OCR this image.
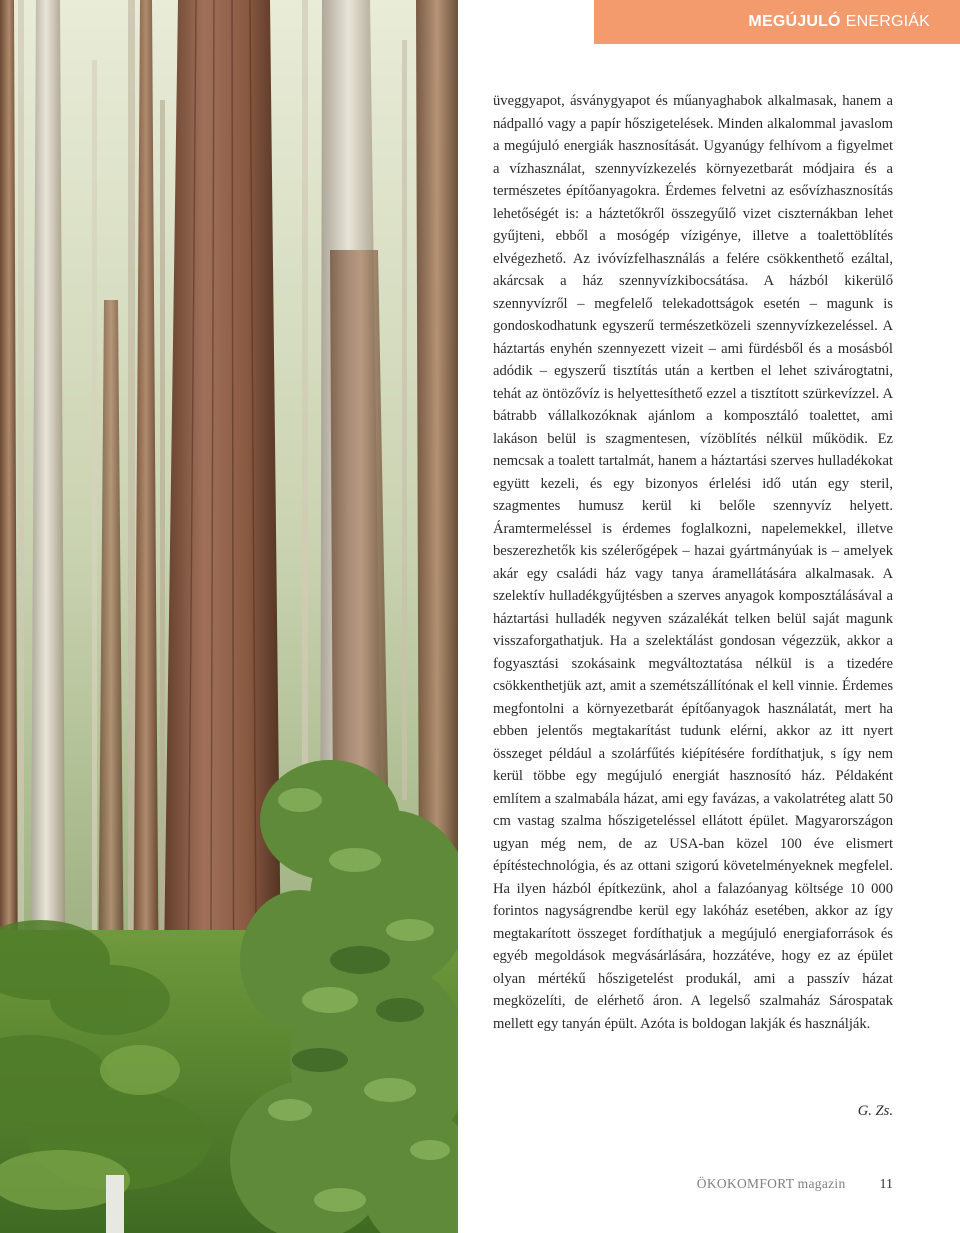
MEGÚJULÓ ENERGIÁK

üveggyapot, ásványgyapot és műanyaghabok alkalmasak, hanem a nádpalló vagy a papír hőszigetelések. Minden alkalommal javaslom a megújuló energiák hasznosítását. Ugyanúgy felhívom a figyelmet a vízhasználat, szennyvízkezelés környezetbarát módjaira és a természetes építőanyagokra. Érdemes felvetni az esővízhasznosítás lehetőségét is: a háztetőkről összegyűlő vizet ciszternákban lehet gyűjteni, ebből a mosógép vízigénye, illetve a toalettöblítés elvégezhető. Az ivóvízfelhasználás a felére csökkenthető ezáltal, akárcsak a ház szennyvízkibocsátása. A házból kikerülő szennyvízről – megfelelő telekadottságok esetén – magunk is gondoskodhatunk egyszerű természetközeli szennyvízkezeléssel. A háztartás enyhén szennyezett vizeit – ami fürdésből és a mosásból adódik – egyszerű tisztítás után a kertben el lehet szivárogtatni, tehát az öntözővíz is helyettesíthető ezzel a tisztított szürkevízzel. A bátrabb vállalkozóknak ajánlom a komposztáló toalettet, ami lakáson belül is szagmentesen, vízöblítés nélkül működik. Ez nemcsak a toalett tartalmát, hanem a háztartási szerves hulladékokat együtt kezeli, és egy bizonyos érlelési idő után egy steril, szagmentes humusz kerül ki belőle szennyvíz helyett. Áramtermeléssel is érdemes foglalkozni, napelemekkel, illetve beszerezhetők kis szélerőgépek – hazai gyártmányúak is – amelyek akár egy családi ház vagy tanya áramellátására alkalmasak. A szelektív hulladékgyűjtésben a szerves anyagok komposztálásával a háztartási hulladék negyven százalékát telken belül saját magunk visszaforgathatjuk. Ha a szelektálást gondosan végezzük, akkor a fogyasztási szokásaink megváltoztatása nélkül is a tizedére csökkenthetjük azt, amit a szemétszállítónak el kell vinnie. Érdemes megfontolni a környezetbarát építőanyagok használatát, mert ha ebben jelentős megtakarítást tudunk elérni, akkor az itt nyert összeget például a szolárfűtés kiépítésére fordíthatjuk, s így nem kerül többe egy megújuló energiát hasznosító ház. Példaként említem a szalmabála házat, ami egy favázas, a vakolatréteg alatt 50 cm vastag szalma hőszigeteléssel ellátott épület. Magyarországon ugyan még nem, de az USA-ban közel 100 éve elismert építéstechnológia, és az ottani szigorú követelményeknek megfelel. Ha ilyen házból építkezünk, ahol a falazóanyag költsége 10 000 forintos nagyságrendbe kerül egy lakóház esetében, akkor az így megtakarított összeget fordíthatjuk a megújuló energiaforrások és egyéb megoldások megvásárlására, hozzátéve, hogy ez az épület olyan mértékű hőszigetelést produkál, ami a passzív házat megközelíti, de elérhető áron. A legelső szalmaház Sárospatak mellett egy tanyán épült. Azóta is boldogan lakják és használják.

G. Zs.
ÖKOKOMFORT magazin 11
